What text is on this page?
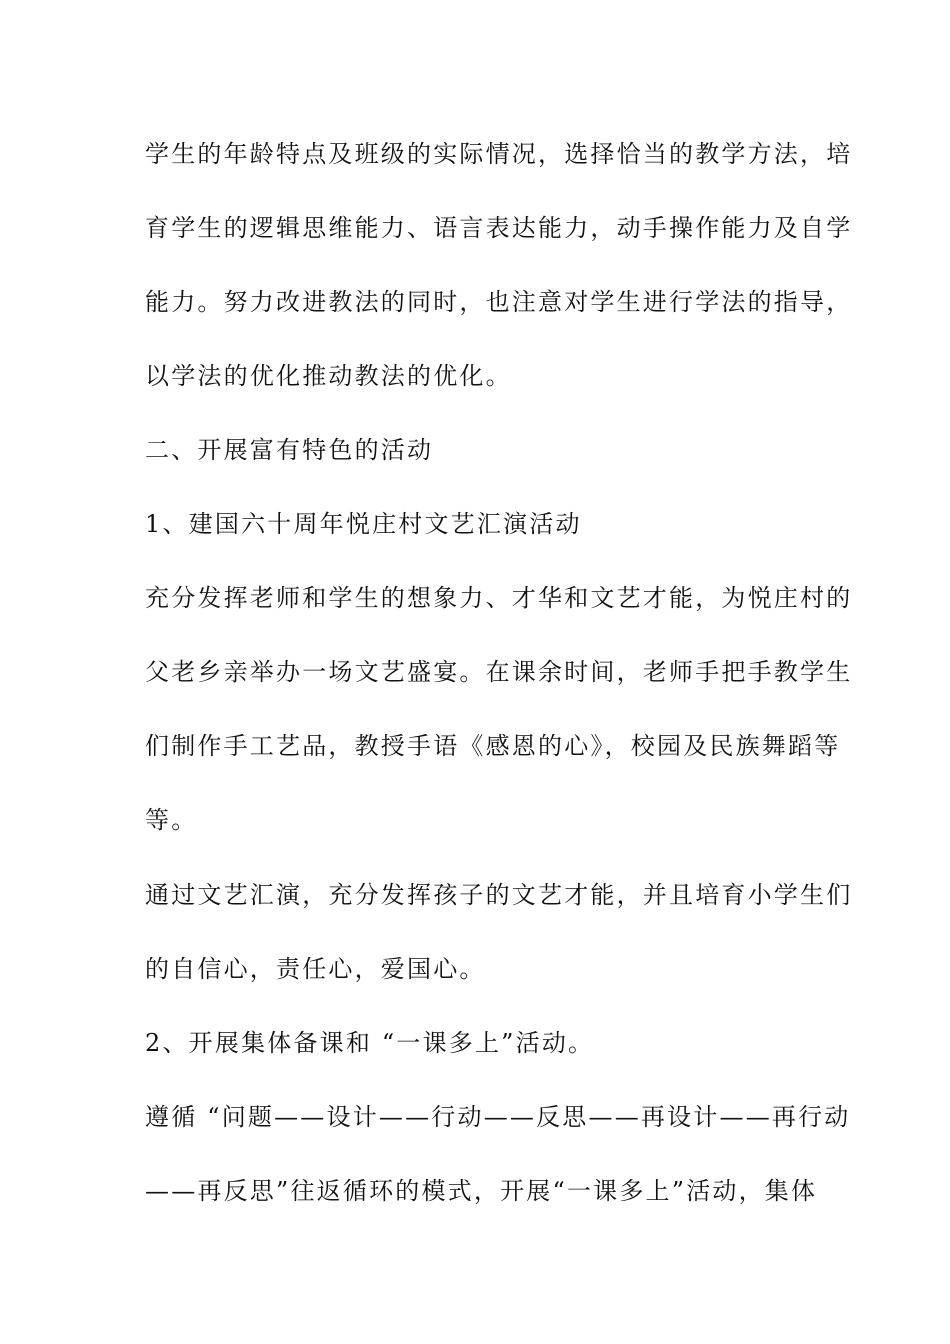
学生的年龄特点及班级的实际情况，选择恰当的教学方法，培
育学生的逻辑思维能力、语言表达能力，动手操作能力及自学
能力。努力改进教法的同时，也注意对学生进行学法的指导，
以学法的优化推动教法的优化。
二、开展富有特色的活动
1、建国六十周年悦庄村文艺汇演活动
充分发挥老师和学生的想象力、才华和文艺才能，为悦庄村的
父老乡亲举办一场文艺盛宴。在课余时间，老师手把手教学生
们制作手工艺品，教授手语《感恩的心》，校园及民族舞蹈等
等。
通过文艺汇演，充分发挥孩子的文艺才能，并且培育小学生们
的自信心，责任心，爱国心。
2、开展集体备课和 “一课多上”活动。
遵循 “问题——设计——行动——反思——再设计——再行动
——再反思”往返循环的模式，开展“一课多上”活动，集体
